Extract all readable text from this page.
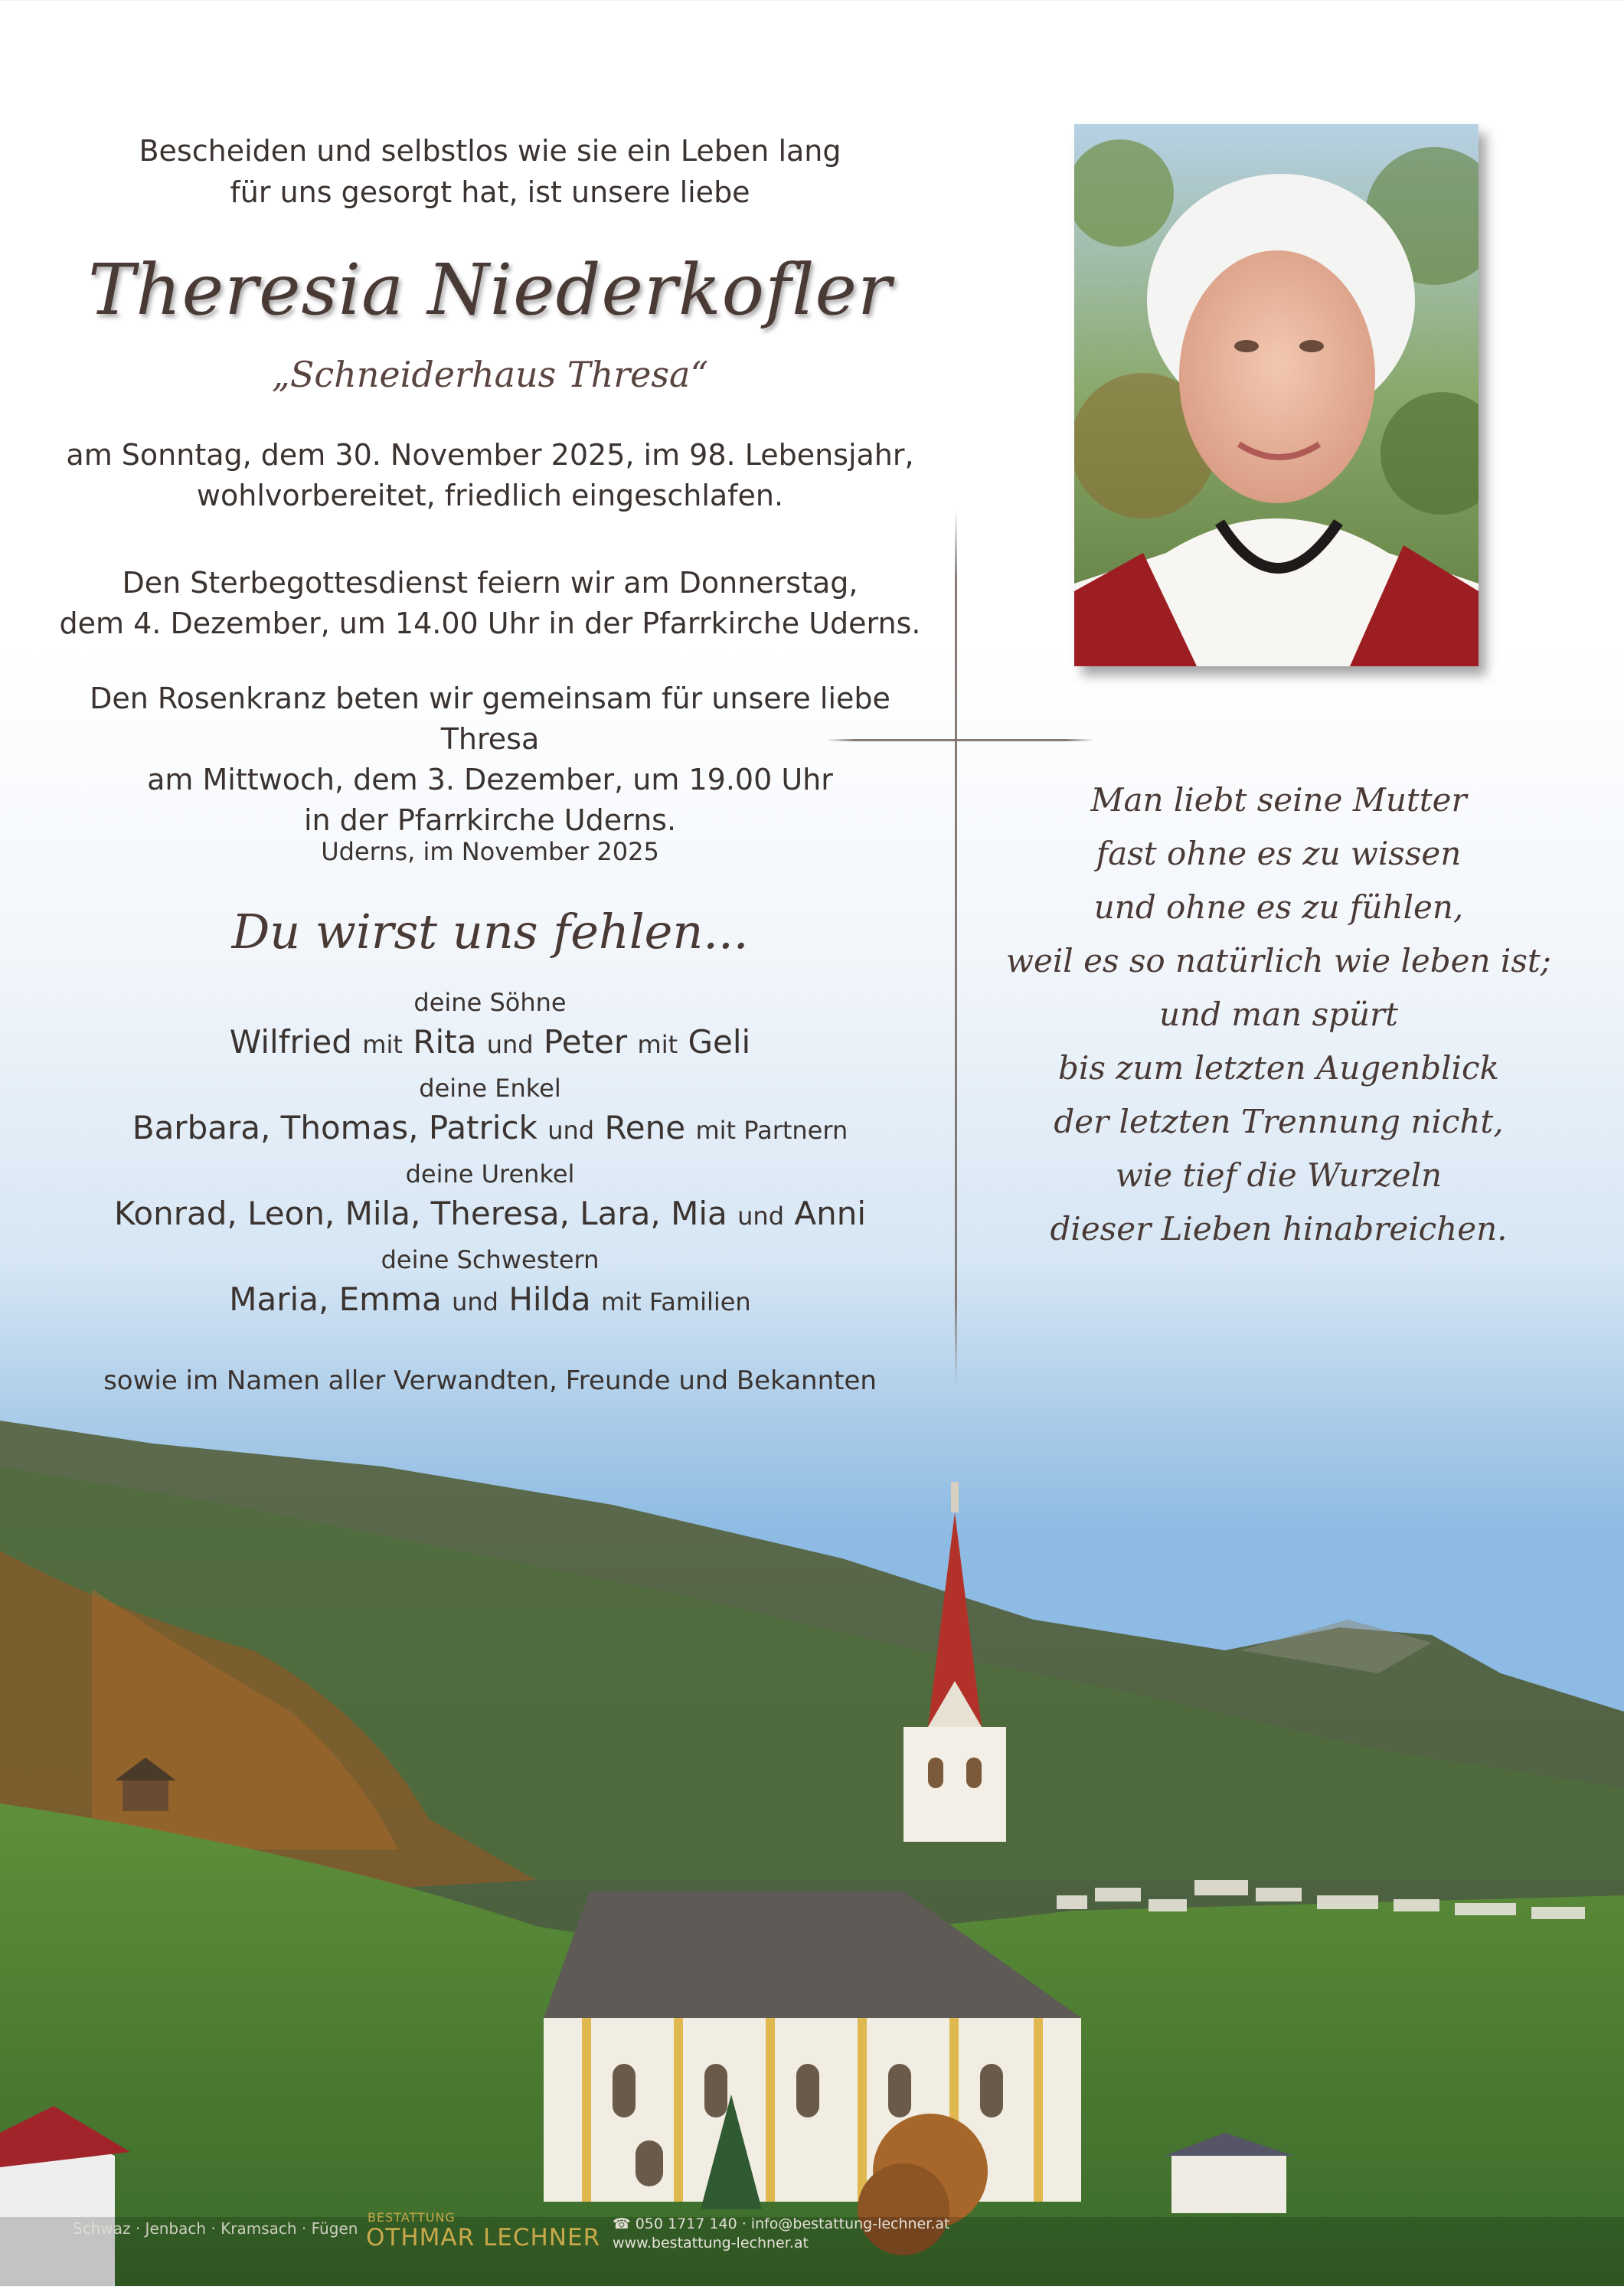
Bescheiden und selbstlos wie sie ein Leben lang
für uns gesorgt hat, ist unsere liebe
Theresia Niederkofler
„Schneiderhaus Thresa“
am Sonntag, dem 30. November 2025, im 98. Lebensjahr,
wohlvorbereitet, friedlich eingeschlafen.
Den Sterbegottesdienst feiern wir am Donnerstag,
dem 4. Dezember, um 14.00 Uhr in der Pfarrkirche Uderns.
Den Rosenkranz beten wir gemeinsam für unsere liebe Thresa
am Mittwoch, dem 3. Dezember, um 19.00 Uhr
in der Pfarrkirche Uderns.
Uderns, im November 2025
Du wirst uns fehlen...
deine Söhne
Wilfried mit Rita und Peter mit Geli
deine Enkel
Barbara, Thomas, Patrick und Rene mit Partnern
deine Urenkel
Konrad, Leon, Mila, Theresa, Lara, Mia und Anni
deine Schwestern
Maria, Emma und Hilda mit Familien
sowie im Namen aller Verwandten, Freunde und Bekannten
Man liebt seine Mutter
fast ohne es zu wissen
und ohne es zu fühlen,
weil es so natürlich wie leben ist;
und man spürt
bis zum letzten Augenblick
der letzten Trennung nicht,
wie tief die Wurzeln
dieser Lieben hinabreichen.
Schwaz · Jenbach · Kramsach · Fügen
BESTATTUNG
OTHMAR LECHNER ☎ 050 1717 140 · info@bestattung-lechner.at
www.bestattung-lechner.at
